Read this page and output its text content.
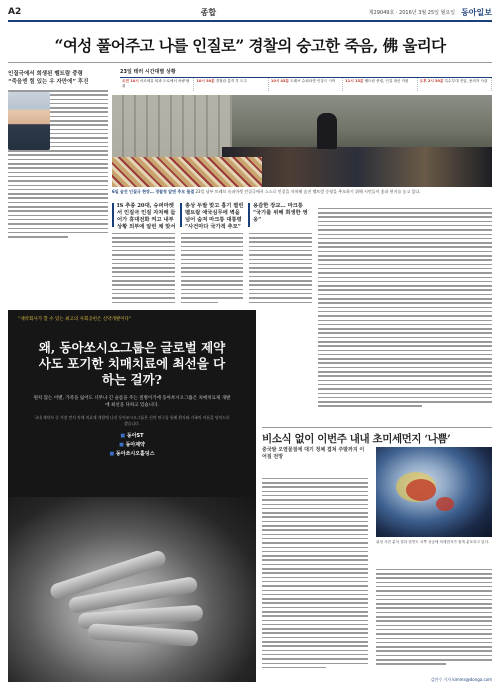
A2	종합	제29049호 · 2016년 3월 25일 월요일 동아일보
“여성 풀어주고 나를 인질로” 경찰의 숭고한 죽음, 佛 울리다
인질극에서 희생된 벨트람 중령
“죽음엔 힘 있는 우 자만에” 후진
23일 테러 시간대별 상황
오전 10시 마르세유 외곽 도로에서 차량 탈취
10시 30분 경찰관 총격 후 도주	10시 45분 트레브 슈퍼마켓 인질극 시작	11시 15분 벨트람 중령, 인질 대신 자원	오후 2시 30분 특수부대 진압, 용의자 사살
6일 숨진 인질극 현장… 경찰청 앞엔 추모 물결 23일 남부 트레브 슈퍼마켓 인질극에서 스스로 인질을 자처해 숨진 벨트람 중령을 추모하기 위해 시민들이 꽃과 편지를 놓고 있다.
IS 추종 20대, 슈퍼마켓서 인질극 인질 자처해 들어가 휴대전화 켜고 내부상황 외부에 알린 채 맞서
총상 두발 맞고 흉기 찔린 벨트람 애국심무에 벽을 넘어 숨져 마크롱 대통령 “사건마다 국가적 추모”
용감한 장교… 마크롱 “국가를 위해 희생한 영웅”
“제약회사가 할 수 있는 최고의 사회공헌은 신약개발이다”
왜, 동아쏘시오그룹은 글로벌 제약사도 포기한 치매치료에 최선을 다하는 걸까?
원치 않는 이별, 가족을 잃어도 너무나 긴 슬픔을 주는 질병이기에 동아쏘시오그룹은 치매치료제 개발에 최선을 다하고 있습니다.
국내 제약사 중 가장 먼저 치매 치료제 개발에 나선 동아쏘시오그룹은 신약 연구를 통해 환자와 가족의 아픔을 덜어드리겠습니다.
■ 동아ST
■ 동아제약
■ 동아쏘시오홀딩스
비소식 없이 이번주 내내 초미세먼지 ‘나쁨’
중국발 오염물질에 대기 정체 겹쳐 주말까지 이어질 전망
위성 사진 분석 결과 한반도 서쪽 상공에 미세먼지가 짙게 분포하고 있다.
김민수 기자 kimms@donga.com
